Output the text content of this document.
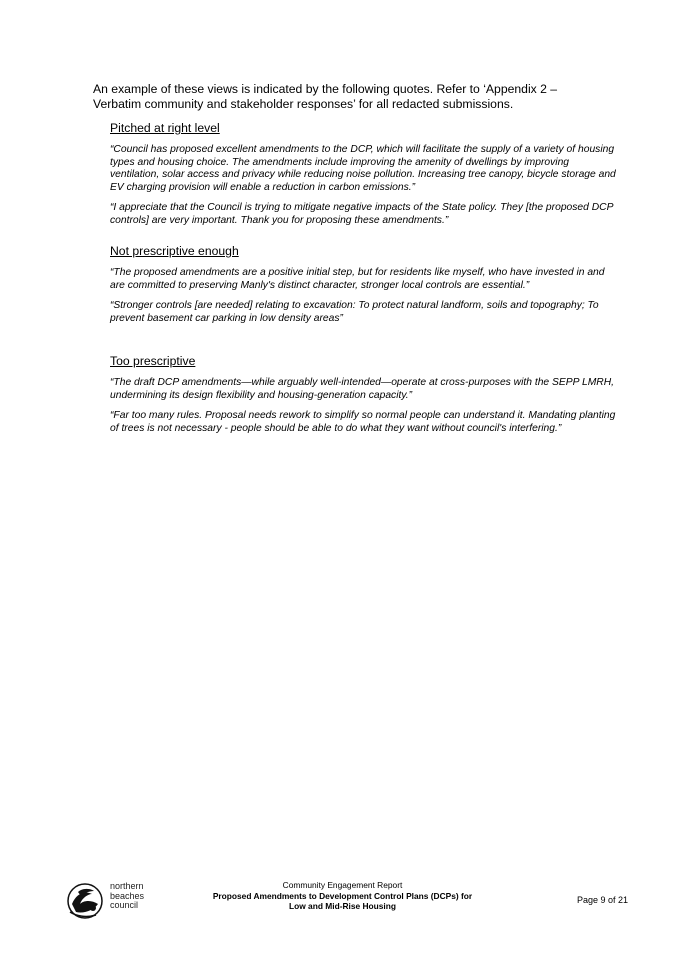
An example of these views is indicated by the following quotes. Refer to ‘Appendix 2 – Verbatim community and stakeholder responses’ for all redacted submissions.

Pitched at right level

“Council has proposed excellent amendments to the DCP, which will facilitate the supply of a variety of housing types and housing choice. The amendments include improving the amenity of dwellings by improving ventilation, solar access and privacy while reducing noise pollution. Increasing tree canopy, bicycle storage and EV charging provision will enable a reduction in carbon emissions.”

“I appreciate that the Council is trying to mitigate negative impacts of the State policy. They [the proposed DCP controls] are very important. Thank you for proposing these amendments.”

Not prescriptive enough

“The proposed amendments are a positive initial step, but for residents like myself, who have invested in and are committed to preserving Manly's distinct character, stronger local controls are essential.”

“Stronger controls [are needed] relating to excavation: To protect natural landform, soils and topography; To prevent basement car parking in low density areas”

Too prescriptive

“The draft DCP amendments—while arguably well-intended—operate at cross-purposes with the SEPP LMRH, undermining its design flexibility and housing-generation capacity.”

“Far too many rules. Proposal needs rework to simplify so normal people can understand it. Mandating planting of trees is not necessary - people should be able to do what they want without council's interfering.”

northern
beaches
council
Community Engagement Report
Proposed Amendments to Development Control Plans (DCPs) for
Low and Mid-Rise Housing
Page 9 of 21
